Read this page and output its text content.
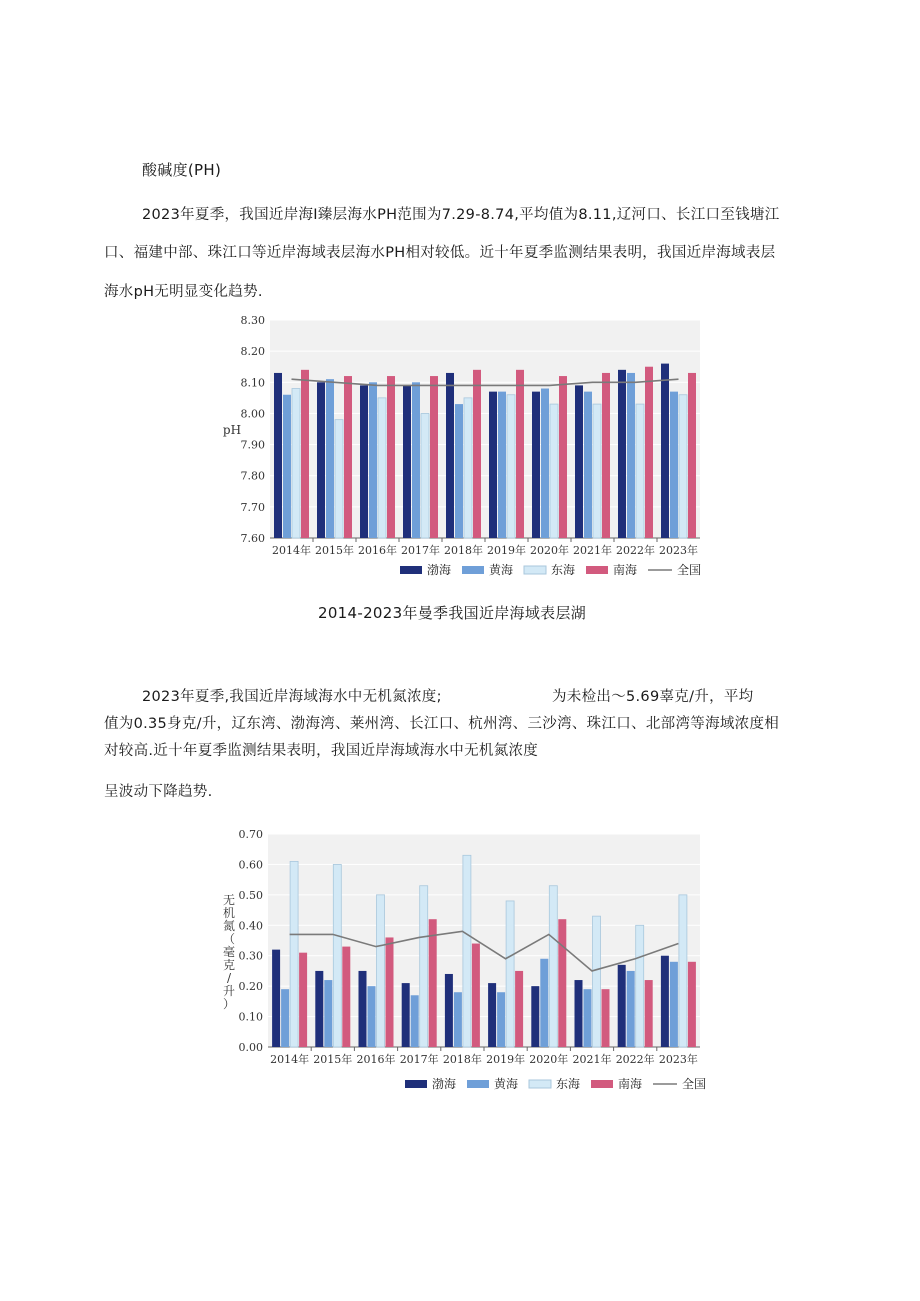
酸碱度(PH)
2023年夏季，我国近岸海I臻层海水PH范围为7.29-8.74,平均值为8.11,辽河口、长江口至钱塘江
口、福建中部、珠江口等近岸海域表层海水PH相对较低。近十年夏季监测结果表明，我国近岸海域表层
海水pH无明显变化趋势.
7.60
7.70
7.80
7.90
8.00
8.10
8.20
8.30
pH
2014年 2015年 2016年 2017年 2018年 2019年 2020年 2021年 2022年 2023年
渤海	黄海	东海	南海	全国
2014-2023年曼季我国近岸海域表层湖
2023年夏季,我国近岸海域海水中无机氮浓度;	为未检出～5.69辜克/升，平均
值为0.35身克/升，辽东湾、渤海湾、莱州湾、长江口、杭州湾、三沙湾、珠江口、北部湾等海域浓度相
对较高.近十年夏季监测结果表明，我国近岸海域海水中无机氮浓度
呈波动下降趋势.
0.00
0.10
0.20
0.30
0.40
0.50
0.60
0.70
无
机
氮
（
毫
克
/
升
）
2014年 2015年 2016年 2017年 2018年 2019年 2020年 2021年 2022年 2023年
渤海	黄海	东海	南海	全国
